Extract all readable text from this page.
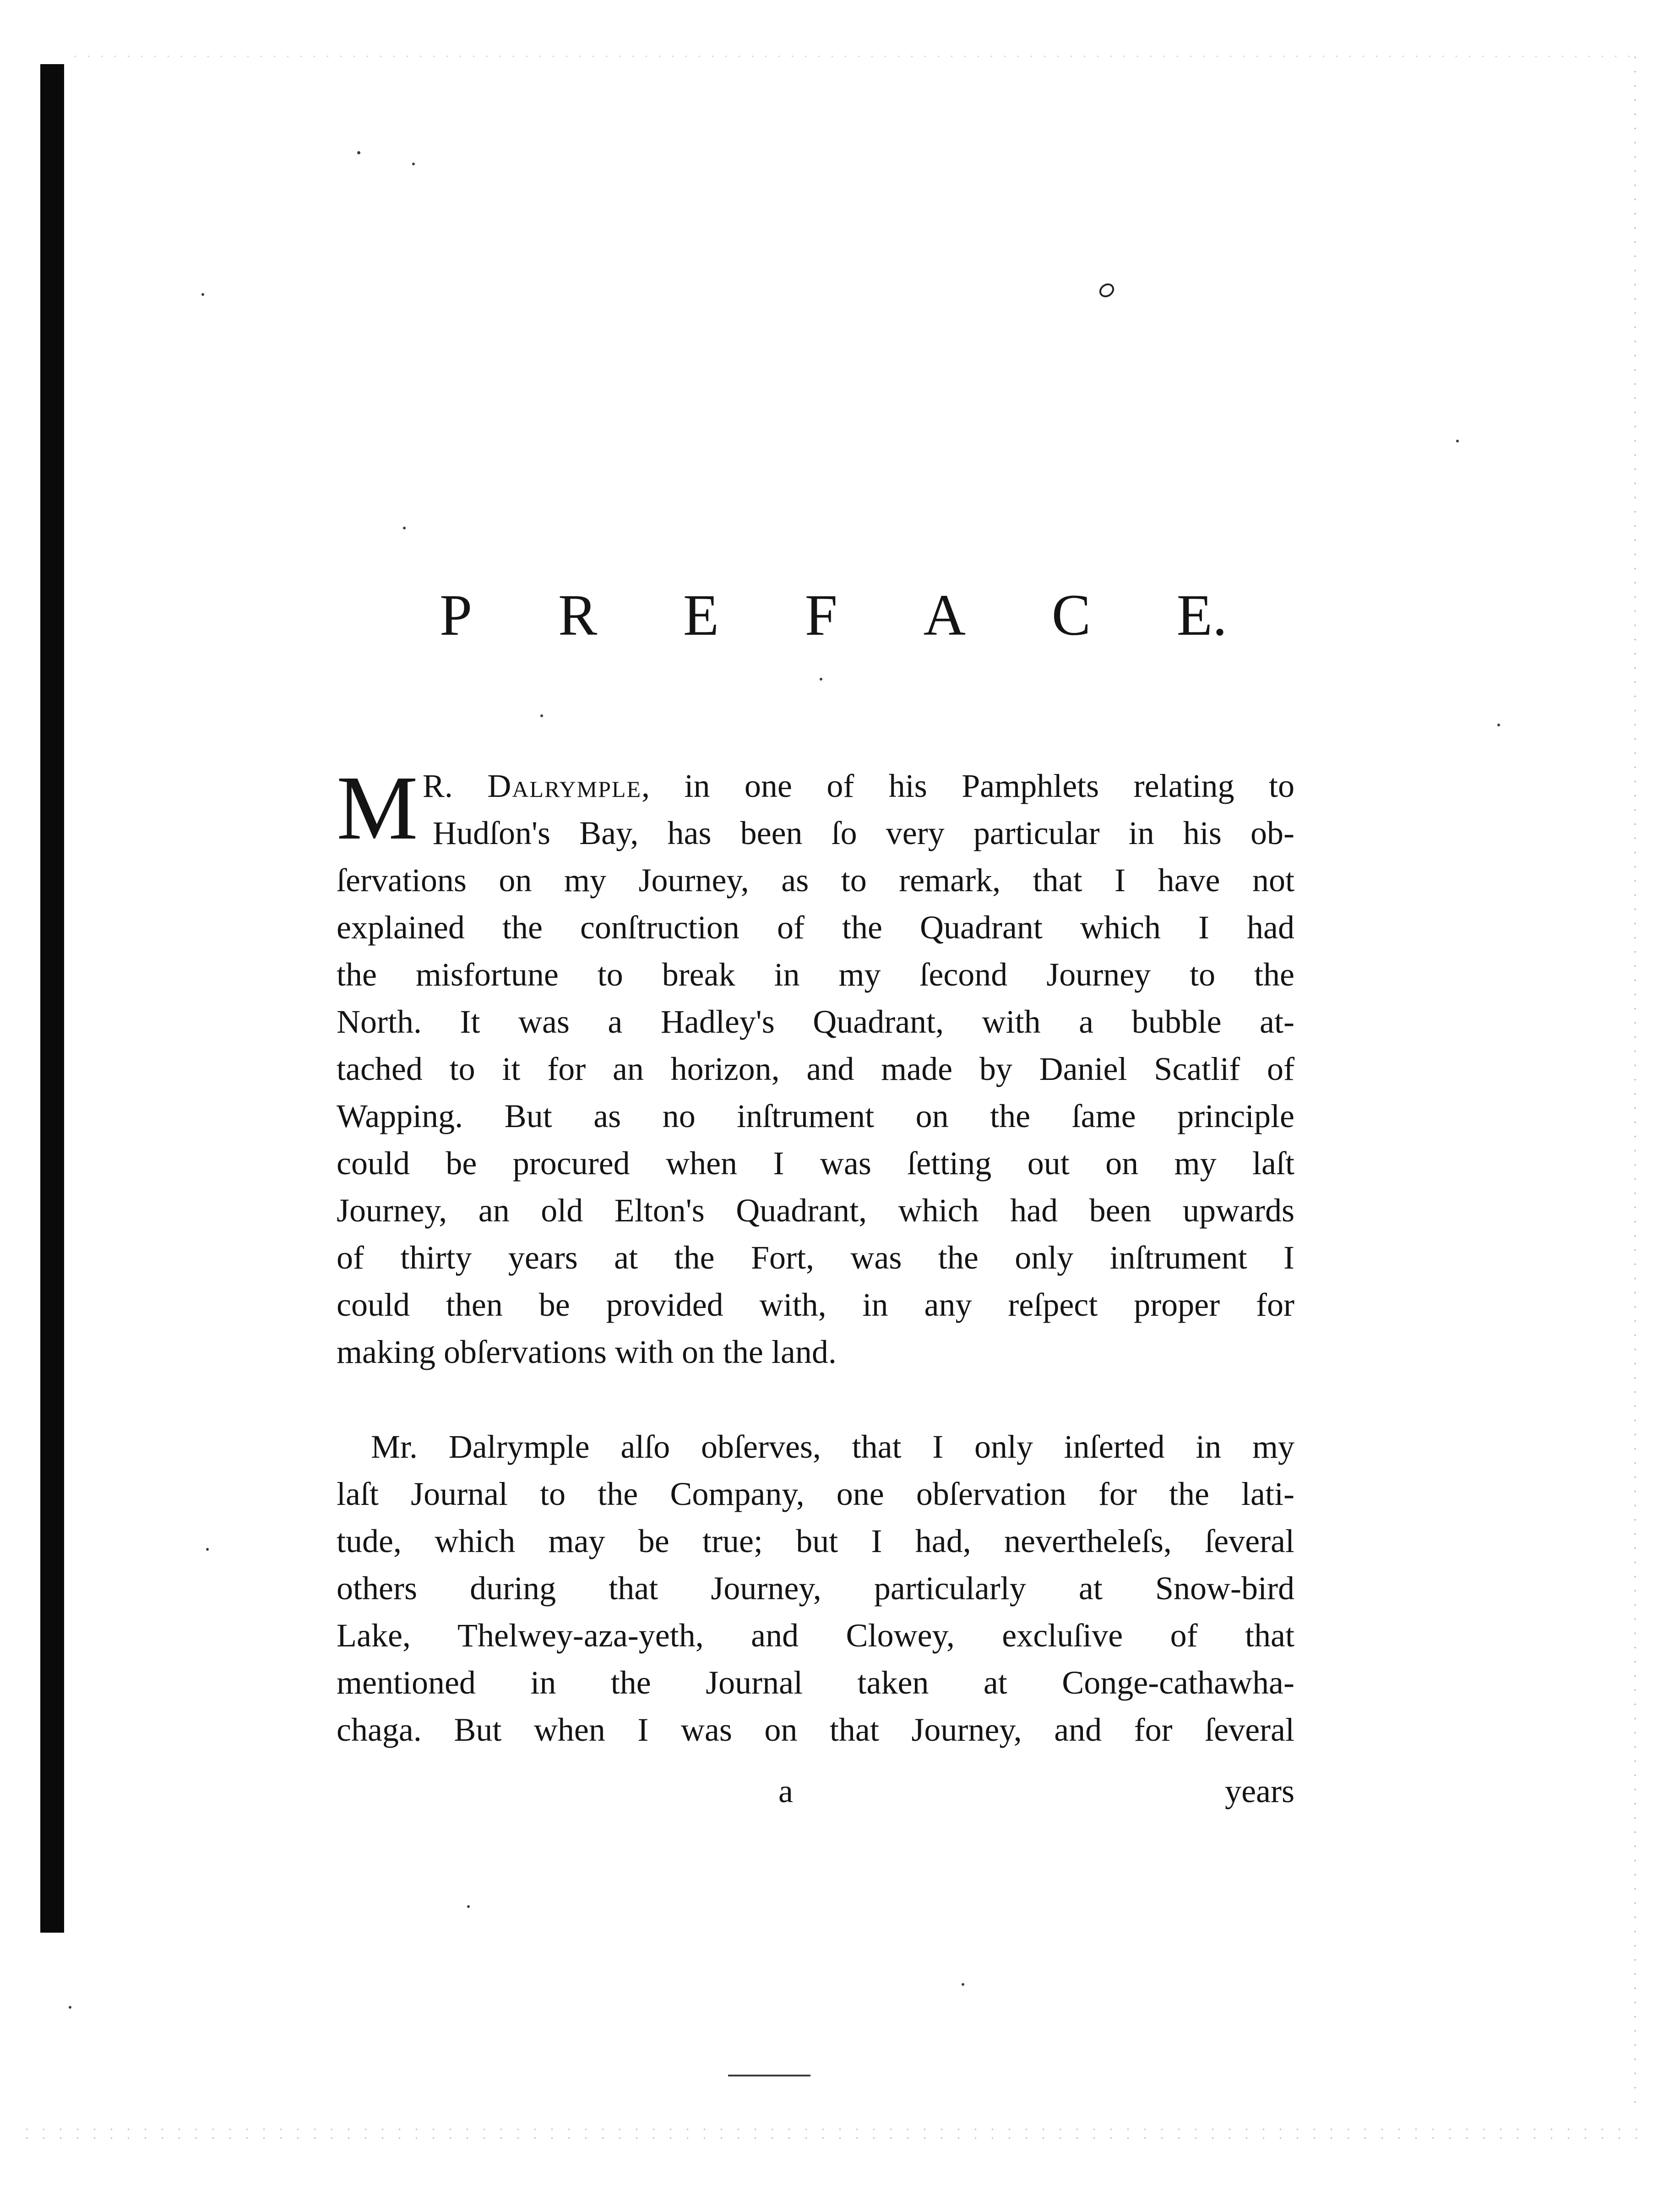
P R E F A C E.
M R. Dalrymple, in one of his Pamphlets relating to
Hudſon's Bay, has been ſo very particular in his ob-
ſervations on my Journey, as to remark, that I have not
explained the conſtruction of the Quadrant which I had
the misfortune to break in my ſecond Journey to the
North. It was a Hadley's Quadrant, with a bubble at-
tached to it for an horizon, and made by Daniel Scatlif of
Wapping. But as no inſtrument on the ſame principle
could be procured when I was ſetting out on my laſt
Journey, an old Elton's Quadrant, which had been upwards
of thirty years at the Fort, was the only inſtrument I
could then be provided with, in any reſpect proper for
making obſervations with on the land.
Mr. Dalrymple alſo obſerves, that I only inſerted in my
laſt Journal to the Company, one obſervation for the lati-
tude, which may be true; but I had, nevertheleſs, ſeveral
others during that Journey, particularly at Snow-bird
Lake, Thelwey-aza-yeth, and Clowey, excluſive of that
mentioned in the Journal taken at Conge-cathawha-
chaga. But when I was on that Journey, and for ſeveral
a	years
